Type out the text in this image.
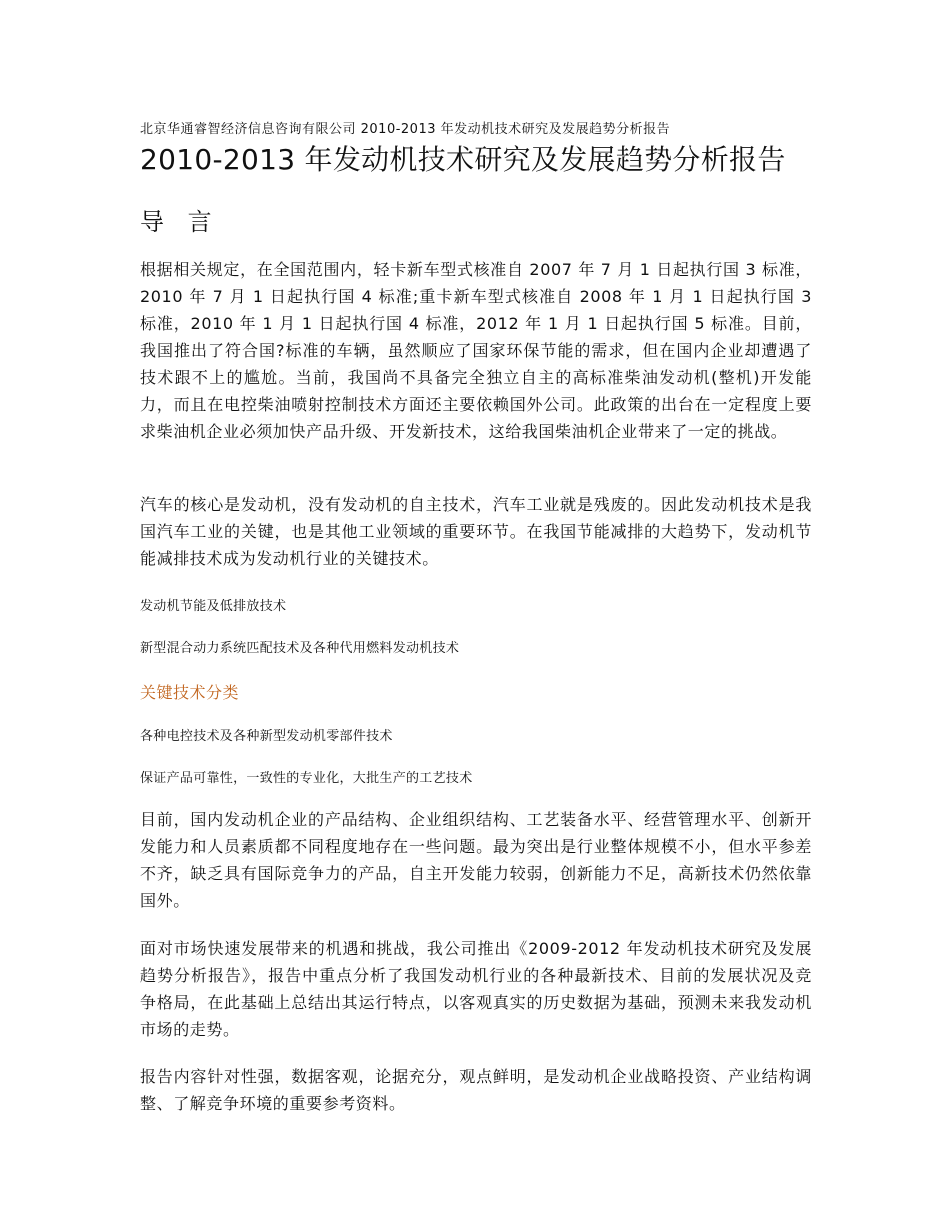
北京华通睿智经济信息咨询有限公司 2010-2013 年发动机技术研究及发展趋势分析报告
2010-2013 年发动机技术研究及发展趋势分析报告
导 言
根据相关规定，在全国范围内，轻卡新车型式核准自 2007 年 7 月 1 日起执行国 3 标准，2010 年 7 月 1 日起执行国 4 标准;重卡新车型式核准自 2008 年 1 月 1 日起执行国 3 标准，2010 年 1 月 1 日起执行国 4 标准，2012 年 1 月 1 日起执行国 5 标准。目前，我国推出了符合国?标准的车辆，虽然顺应了国家环保节能的需求，但在国内企业却遭遇了技术跟不上的尴尬。当前，我国尚不具备完全独立自主的高标准柴油发动机(整机)开发能力，而且在电控柴油喷射控制技术方面还主要依赖国外公司。此政策的出台在一定程度上要求柴油机企业必须加快产品升级、开发新技术，这给我国柴油机企业带来了一定的挑战。
汽车的核心是发动机，没有发动机的自主技术，汽车工业就是残废的。因此发动机技术是我国汽车工业的关键，也是其他工业领域的重要环节。在我国节能减排的大趋势下，发动机节能减排技术成为发动机行业的关键技术。
发动机节能及低排放技术
新型混合动力系统匹配技术及各种代用燃料发动机技术
关键技术分类
各种电控技术及各种新型发动机零部件技术
保证产品可靠性，一致性的专业化，大批生产的工艺技术
目前，国内发动机企业的产品结构、企业组织结构、工艺装备水平、经营管理水平、创新开发能力和人员素质都不同程度地存在一些问题。最为突出是行业整体规模不小，但水平参差不齐，缺乏具有国际竞争力的产品，自主开发能力较弱，创新能力不足，高新技术仍然依靠国外。
面对市场快速发展带来的机遇和挑战，我公司推出《2009-2012 年发动机技术研究及发展趋势分析报告》，报告中重点分析了我国发动机行业的各种最新技术、目前的发展状况及竞争格局，在此基础上总结出其运行特点，以客观真实的历史数据为基础，预测未来我发动机市场的走势。
报告内容针对性强，数据客观，论据充分，观点鲜明，是发动机企业战略投资、产业结构调整、了解竞争环境的重要参考资料。
